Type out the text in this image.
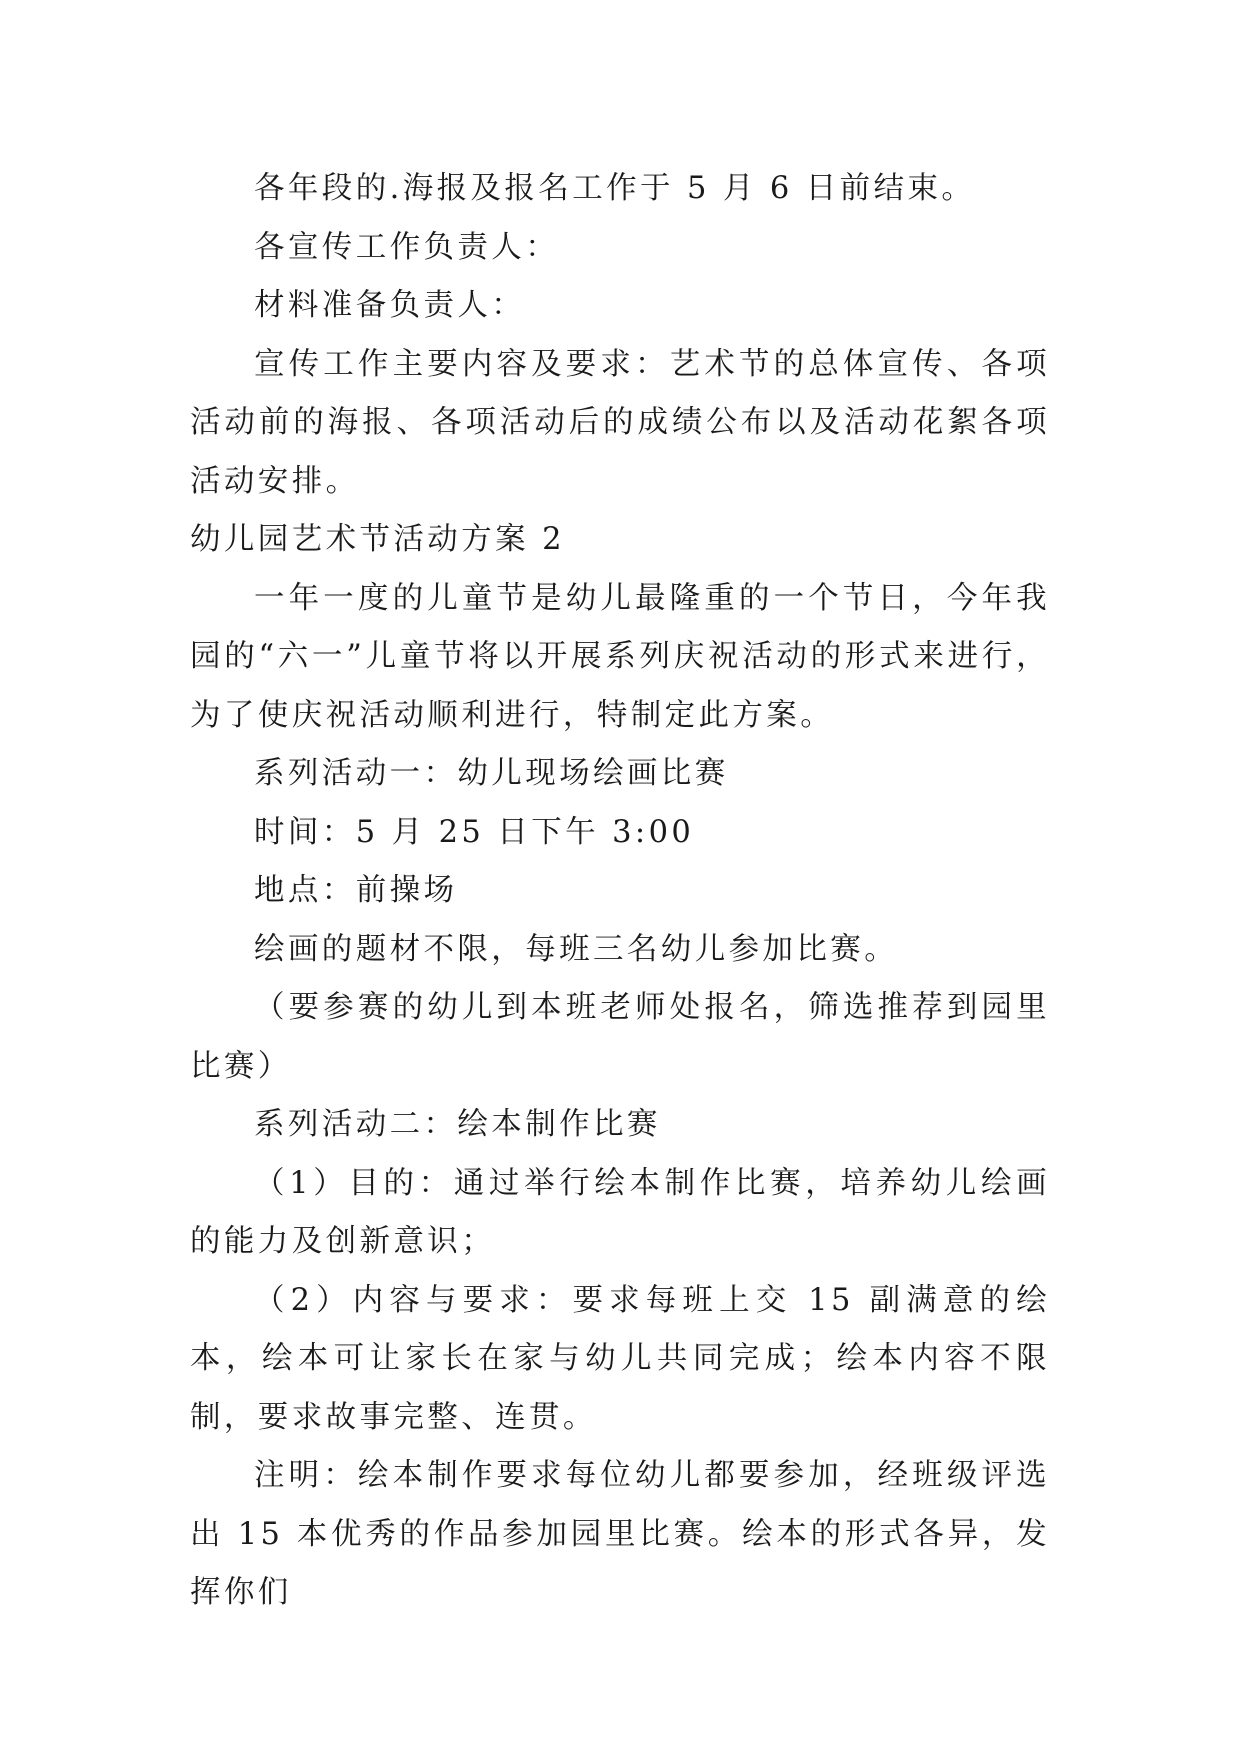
各年段的.海报及报名工作于 5 月 6 日前结束。

各宣传工作负责人：

材料准备负责人：

宣传工作主要内容及要求：艺术节的总体宣传、各项活动前的海报、各项活动后的成绩公布以及活动花絮各项活动安排。

幼儿园艺术节活动方案 2

一年一度的儿童节是幼儿最隆重的一个节日，今年我园的“六一”儿童节将以开展系列庆祝活动的形式来进行，为了使庆祝活动顺利进行，特制定此方案。

系列活动一：幼儿现场绘画比赛

时间：5 月 25 日下午 3:00

地点：前操场

绘画的题材不限，每班三名幼儿参加比赛。

（要参赛的幼儿到本班老师处报名，筛选推荐到园里比赛）

系列活动二：绘本制作比赛

（1）目的：通过举行绘本制作比赛，培养幼儿绘画的能力及创新意识；

（2）内容与要求：要求每班上交 15 副满意的绘本，绘本可让家长在家与幼儿共同完成；绘本内容不限制，要求故事完整、连贯。

注明：绘本制作要求每位幼儿都要参加，经班级评选出 15 本优秀的作品参加园里比赛。绘本的形式各异，发挥你们
